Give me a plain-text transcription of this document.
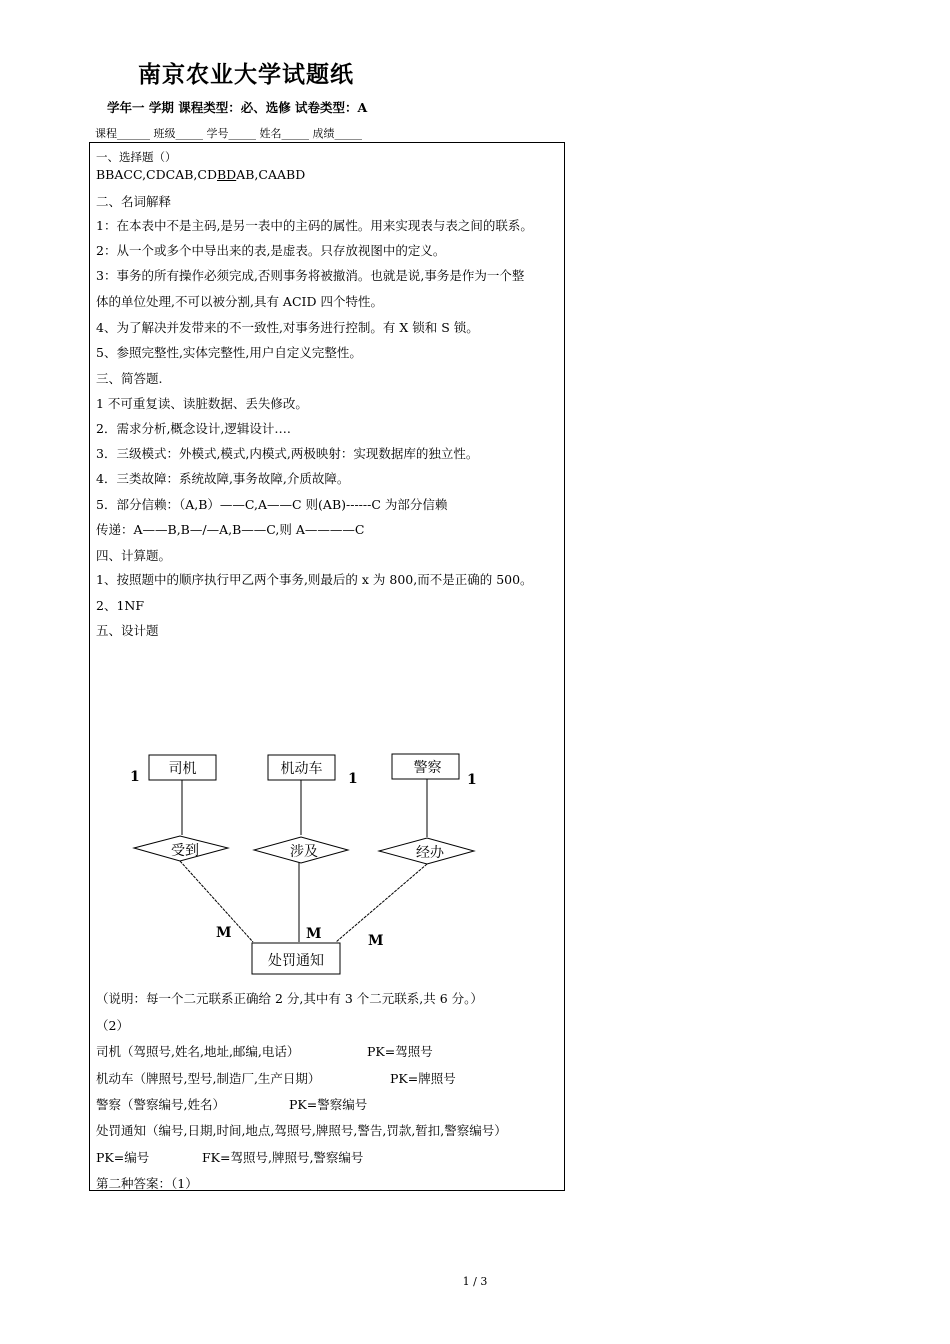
南京农业大学试题纸
学年一 学期 课程类型：必、选修 试卷类型：A
课程______ 班级_____ 学号_____ 姓名_____ 成绩_____
一、选择题（）
BBACC,CDCAB,CDBDAB,CAABD
二、名词解释
1：在本表中不是主码,是另一表中的主码的属性。用来实现表与表之间的联系。
2：从一个或多个中导出来的表,是虚表。只存放视图中的定义。
3：事务的所有操作必须完成,否则事务将被撤消。也就是说,事务是作为一个整
体的单位处理,不可以被分割,具有 ACID 四个特性。
4、为了解决并发带来的不一致性,对事务进行控制。有 X 锁和 S 锁。
5、参照完整性,实体完整性,用户自定义完整性。
三、简答题.
1 不可重复读、读脏数据、丢失修改。
2．需求分析,概念设计,逻辑设计….
3．三级模式：外模式,模式,内模式,两极映射：实现数据库的独立性。
4．三类故障：系统故障,事务故障,介质故障。
5．部分信赖：（A,B）——C,A——C 则(AB)------C 为部分信赖
传递：A——B,B—/—A,B——C,则 A————C
四、计算题。
1、按照题中的顺序执行甲乙两个事务,则最后的 x 为 800,而不是正确的 500。
2、1NF
五、设计题
司机	机动车	警察
处罚通知
受到	涉及	经办
1	1	1
M	M	M
（说明：每一个二元联系正确给 2 分,其中有 3 个二元联系,共 6 分。）
（2）
司机（驾照号,姓名,地址,邮编,电话）	PK=驾照号
机动车（牌照号,型号,制造厂,生产日期）	PK=牌照号
警察（警察编号,姓名）	PK=警察编号
处罚通知（编号,日期,时间,地点,驾照号,牌照号,警告,罚款,暂扣,警察编号）
PK=编号	FK=驾照号,牌照号,警察编号
第二种答案：（1）
1 / 3
